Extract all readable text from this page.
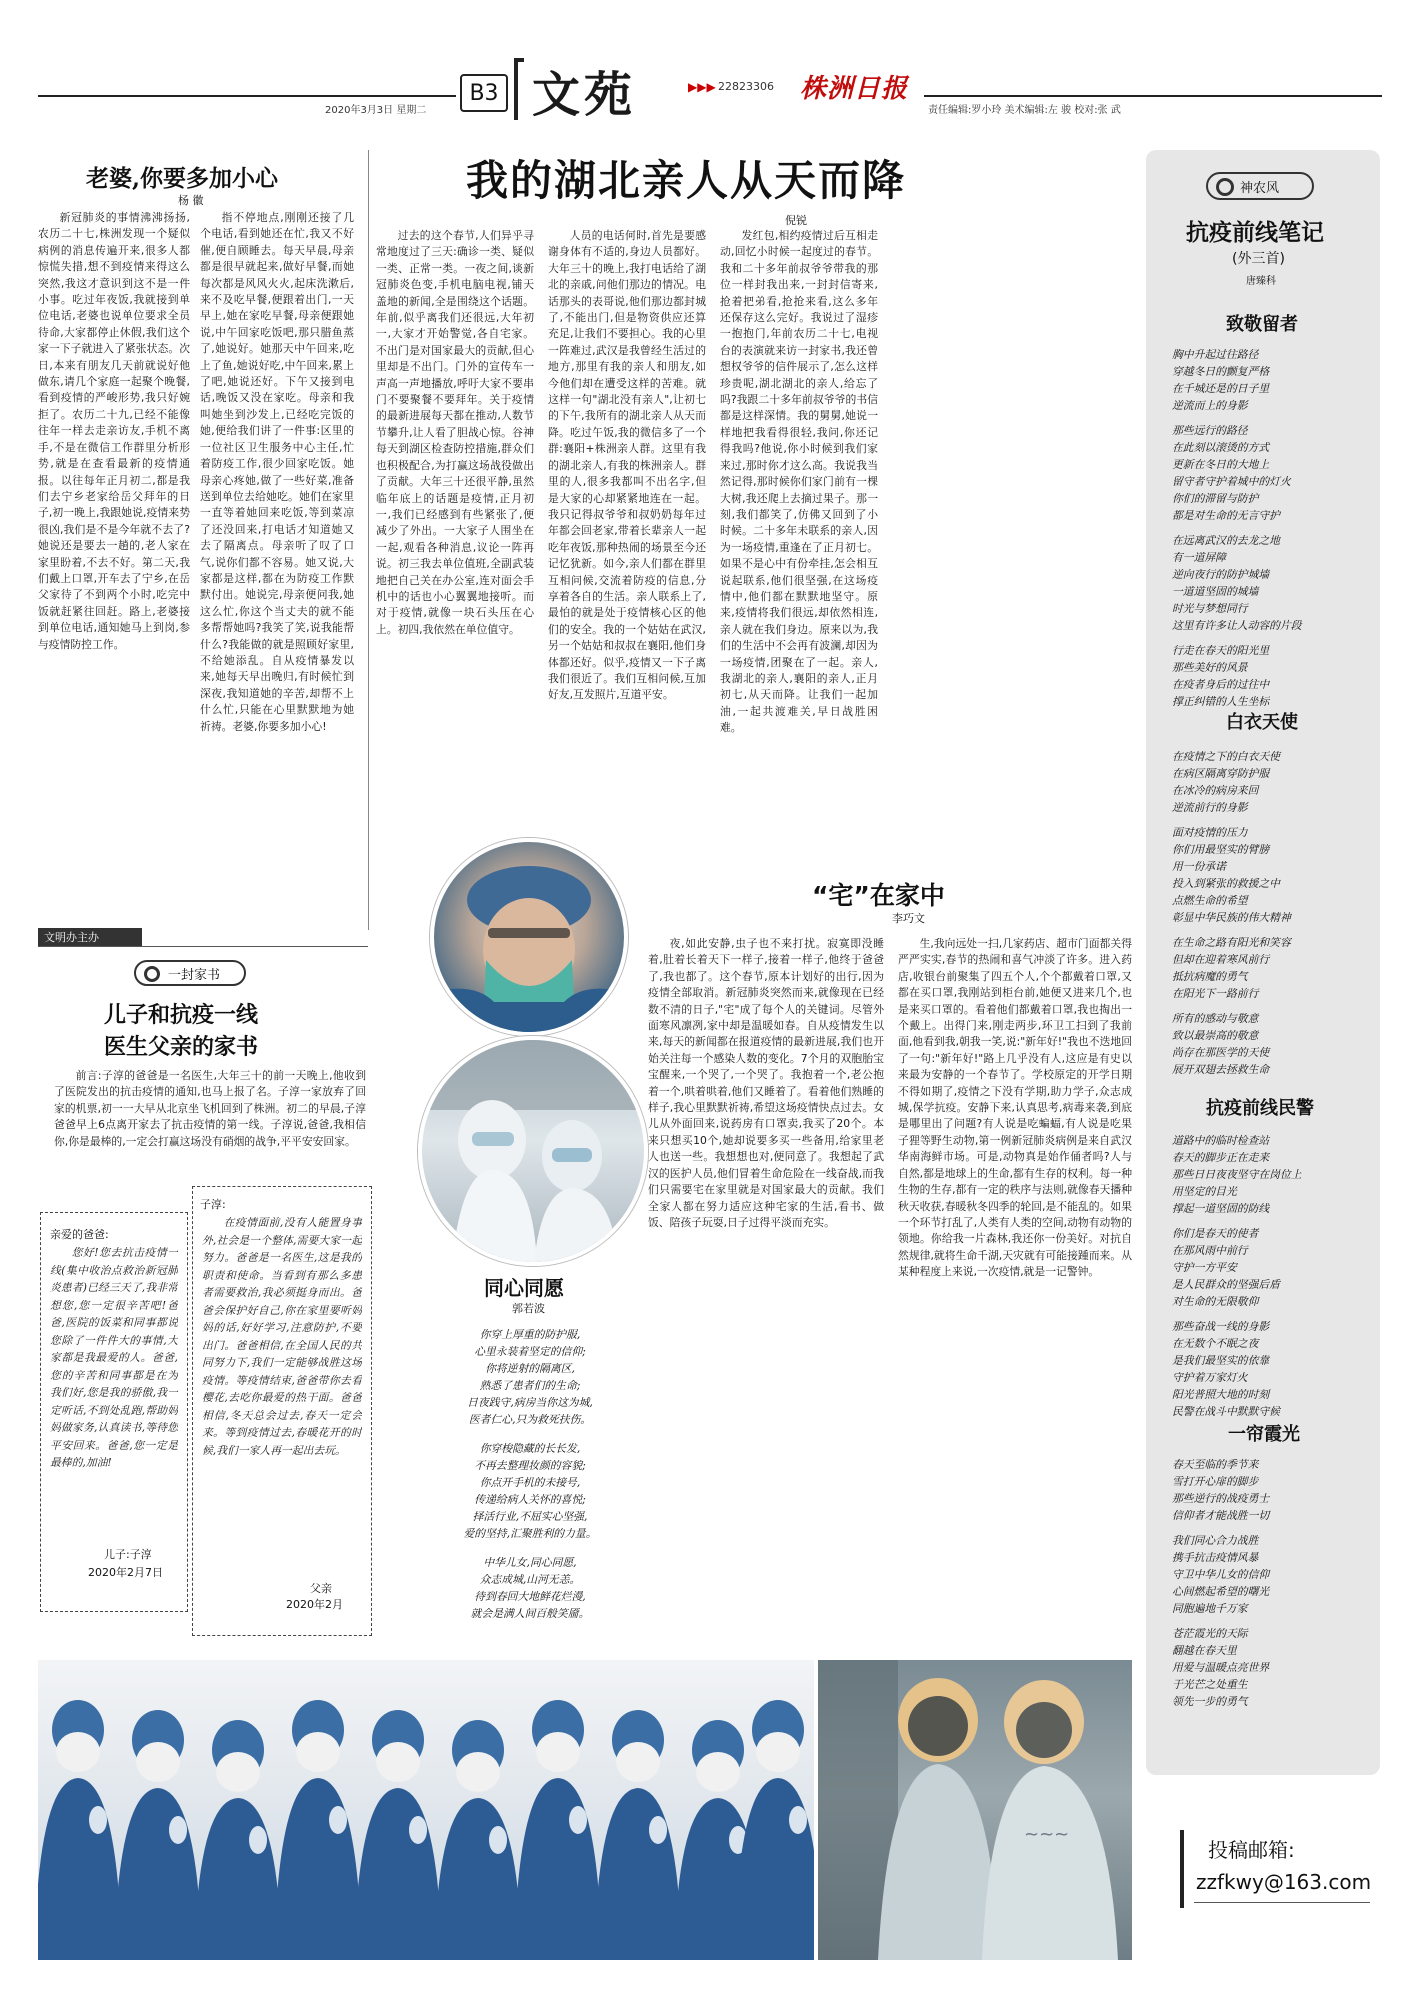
2020年3月3日 星期二
B3 文苑	▶▶▶ 22823306 株洲日报
责任编辑:罗小玲 美术编辑:左 骏 校对:张 武
老婆,你要多加小心
杨 徽

新冠肺炎的事情沸沸扬扬,农历二十七,株洲发现一个疑似病例的消息传遍开来,很多人都惊慌失措,想不到疫情来得这么突然,我这才意识到这不是一件小事。吃过年夜饭,我就接到单位电话,老婆也说单位要求全员待命,大家都停止休假,我们这个家一下子就进入了紧张状态。次日,本来有朋友几天前就说好他做东,请几个家庭一起聚个晚餐,看到疫情的严峻形势,我只好婉拒了。农历二十九,已经不能像往年一样去走亲访友,手机不离手,不是在微信工作群里分析形势,就是在查看最新的疫情通报。以往每年正月初二,都是我们去宁乡老家给岳父拜年的日子,初一晚上,我跟她说,疫情来势很凶,我们是不是今年就不去了?她说还是要去一趟的,老人家在家里盼着,不去不好。第二天,我们戴上口罩,开车去了宁乡,在岳父家待了不到两个小时,吃完中饭就赶紧往回赶。路上,老婆接到单位电话,通知她马上到岗,参与疫情防控工作。

指不停地点,刚刚还接了几个电话,看到她还在忙,我又不好催,便自顾睡去。每天早晨,母亲都是很早就起来,做好早餐,而她每次都是风风火火,起床洗漱后,来不及吃早餐,便跟着出门,一天早上,她在家吃早餐,母亲便跟她说,中午回家吃饭吧,那只腊鱼蒸了,她说好。她那天中午回来,吃上了鱼,她说好吃,中午回来,累上了吧,她说还好。下午又接到电话,晚饭又没在家吃。母亲和我叫她坐到沙发上,已经吃完饭的她,便给我们讲了一件事:区里的一位社区卫生服务中心主任,忙着防疫工作,很少回家吃饭。她母亲心疼她,做了一些好菜,准备送到单位去给她吃。她们在家里一直等着她回来吃饭,等到菜凉了还没回来,打电话才知道她又去了隔离点。母亲听了叹了口气,说你们都不容易。她又说,大家都是这样,都在为防疫工作默默付出。她说完,母亲便问我,她这么忙,你这个当丈夫的就不能多帮帮她吗?我笑了笑,说我能帮什么?我能做的就是照顾好家里,不给她添乱。自从疫情暴发以来,她每天早出晚归,有时候忙到深夜,我知道她的辛苦,却帮不上什么忙,只能在心里默默地为她祈祷。老婆,你要多加小心!

我的湖北亲人从天而降
倪锐

过去的这个春节,人们异乎寻常地度过了三天:确诊一类、疑似一类、正常一类。一夜之间,谈新冠肺炎色变,手机电脑电视,铺天盖地的新闻,全是围绕这个话题。年前,似乎离我们还很远,大年初一,大家才开始警觉,各自宅家。不出门是对国家最大的贡献,但心里却是不出门。门外的宣传车一声高一声地播放,呼吁大家不要串门不要聚餐不要拜年。关于疫情的最新进展每天都在推动,人数节节攀升,让人看了胆战心惊。谷神每天到湖区检查防控措施,群众们也积极配合,为打赢这场战役做出了贡献。大年三十还很平静,虽然临年底上的话题是疫情,正月初一,我们已经感到有些紧张了,便减少了外出。一大家子人围坐在一起,观看各种消息,议论一阵再说。初三我去单位值班,全副武装地把自己关在办公室,连对面会手机中的话也小心翼翼地接听。而对于疫情,就像一块石头压在心上。初四,我依然在单位值守。

人员的电话何时,首先是要感谢身体有不适的,身边人员都好。大年三十的晚上,我打电话给了湖北的亲戚,问他们那边的情况。电话那头的表哥说,他们那边都封城了,不能出门,但是物资供应还算充足,让我们不要担心。我的心里一阵难过,武汉是我曾经生活过的地方,那里有我的亲人和朋友,如今他们却在遭受这样的苦难。就这样一句"湖北没有亲人",让初七的下午,我所有的湖北亲人从天而降。吃过午饭,我的微信多了一个群:襄阳+株洲亲人群。这里有我的湖北亲人,有我的株洲亲人。群里的人,很多我都叫不出名字,但是大家的心却紧紧地连在一起。我只记得叔爷爷和叔奶奶每年过年都会回老家,带着长辈亲人一起吃年夜饭,那种热闹的场景至今还记忆犹新。如今,亲人们都在群里互相问候,交流着防疫的信息,分享着各自的生活。亲人联系上了,最怕的就是处于疫情核心区的他们的安全。我的一个姑姑在武汉,另一个姑姑和叔叔在襄阳,他们身体都还好。似乎,疫情又一下子离我们很近了。我们互相问候,互加好友,互发照片,互道平安。

发红包,相约疫情过后互相走动,回忆小时候一起度过的春节。我和二十多年前叔爷爷带我的那位一样封我出来,一封封信寄来,抢着把弟看,抢抢来看,这么多年还保存这么完好。我说过了湿疹一抱抱门,年前农历二十七,电视台的表演就来访一封家书,我还曾想权爷爷的信件展示了,怎么这样珍贵呢,湖北湖北的亲人,给忘了吗?我跟二十多年前叔爷爷的书信都是这样深情。我的舅舅,她说一样地把我看得很轻,我问,你还记得我吗?他说,你小时候到我们家来过,那时你才这么高。我说我当然记得,那时候你们家门前有一棵大树,我还爬上去摘过果子。那一刻,我们都笑了,仿佛又回到了小时候。二十多年未联系的亲人,因为一场疫情,重逢在了正月初七。如果不是心中有份牵挂,怎会相互说起联系,他们很坚强,在这场疫情中,他们都在默默地坚守。原来,疫情将我们很远,却依然相连,亲人就在我们身边。原来以为,我们的生活中不会再有波澜,却因为一场疫情,团聚在了一起。亲人,我湖北的亲人,襄阳的亲人,正月初七,从天而降。让我们一起加油,一起共渡难关,早日战胜困难。

神农风
抗疫前线笔记
(外三首)
唐臻科
致敬留者
胸中升起过往路径
穿越冬日的颤复严格
在千城还是的日子里
逆流而上的身影
那些远行的路径
在此刻以滚烫的方式
更新在冬日的大地上
留守者守护着城中的灯火
你们的滞留与防护
都是对生命的无言守护
在远离武汉的去龙之地
有一道屏障
逆向夜行的防护城墙
一道道坚固的城墙
时光与梦想同行
这里有许多让人动容的片段
行走在春天的阳光里
那些美好的风景
在疫者身后的过往中
撑正纠错的人生坐标
白衣天使
在疫情之下的白衣天使
在病区隔离穿防护服
在冰冷的病房来回
逆流前行的身影
面对疫情的压力
你们用最坚实的臂膀
用一份承诺
投入到紧张的救援之中
点燃生命的希望
彰显中华民族的伟大精神
在生命之路有阳光和笑容
但却在迎着寒风前行
抵抗病魔的勇气
在阳光下一路前行
所有的感动与敬意
致以最崇高的敬意
尚存在那医学的天使
展开双翅去拯救生命
抗疫前线民警
道路中的临时检查站
春天的脚步正在走来
那些日日夜夜坚守在岗位上
用坚定的目光
撑起一道坚固的防线
你们是春天的使者
在那风雨中前行
守护一方平安
是人民群众的坚强后盾
对生命的无限敬仰
那些奋战一线的身影
在无数个不眠之夜
是我们最坚实的依靠
守护着万家灯火
阳光普照大地的时刻
民警在战斗中默默守候
一帘霞光
春天至临的季节来
雪打开心扉的脚步
那些逆行的战疫勇士
信仰者才能战胜一切
我们同心合力战胜
携手抗击疫情风暴
守卫中华儿女的信仰
心间燃起希望的曙光
同胞遍地千万家
苍茫霞光的天际
翻越在春天里
用爱与温暖点亮世界
于光芒之处重生
领先一步的勇气
投稿邮箱:
zzfkwy@163.com
同心同愿
郭若波
你穿上厚重的防护服,
心里永装着坚定的信仰;
你将逆射的隔离区,
熟悉了患者们的生命;
日夜践守,病房当你这为城,
医者仁心,只为救死扶伤。
你穿梭隐藏的长长发,
不再去整理妆颜的容貌;
你点开手机的未接号,
传递给病人关怀的喜悦;
择活行业,不屈实心坚强,
爱的坚持,汇聚胜利的力量。
中华儿女,同心同愿,
众志成城,山河无恙。
待到春回大地鲜花烂漫,
就会是满人间百般笑靥。
“宅”在家中
李巧文

夜,如此安静,虫子也不来打扰。寂寞即没睡着,肚着长着天下一样子,接着一样子,他终于爸爸了,我也都了。这个春节,原本计划好的出行,因为疫情全部取消。新冠肺炎突然而来,就像现在已经数不清的日子,"宅"成了每个人的关键词。尽管外面寒风凛冽,家中却是温暖如春。自从疫情发生以来,每天的新闻都在报道疫情的最新进展,我们也开始关注每一个感染人数的变化。7个月的双胞胎宝宝醒来,一个哭了,一个哭了。我抱着一个,老公抱着一个,哄着哄着,他们又睡着了。看着他们熟睡的样子,我心里默默祈祷,希望这场疫情快点过去。女儿从外面回来,说药房有口罩卖,我买了20个。本来只想买10个,她却说要多买一些备用,给家里老人也送一些。我想想也对,便同意了。我想起了武汉的医护人员,他们冒着生命危险在一线奋战,而我们只需要宅在家里就是对国家最大的贡献。我们全家人都在努力适应这种宅家的生活,看书、做饭、陪孩子玩耍,日子过得平淡而充实。

生,我向远处一扫,几家药店、超市门面都关得严严实实,春节的热闹和喜气冲淡了许多。进入药店,收银台前聚集了四五个人,个个都戴着口罩,又都在买口罩,我刚站到柜台前,她便又进来几个,也是来买口罩的。看着他们都戴着口罩,我也掏出一个戴上。出得门来,刚走两步,环卫工扫到了我前面,他看到我,朝我一笑,说:"新年好!"我也不迭地回了一句:"新年好!"路上几乎没有人,这应是有史以来最为安静的一个春节了。学校原定的开学日期不得如期了,疫情之下没有学期,助力学子,众志成城,保学抗疫。安静下来,认真思考,病毒来袭,到底是哪里出了问题?有人说是吃蝙蝠,有人说是吃果子狸等野生动物,第一例新冠肺炎病例是来自武汉华南海鲜市场。可是,动物真是始作俑者吗?人与自然,都是地球上的生命,都有生存的权利。每一种生物的生存,都有一定的秩序与法则,就像春天播种秋天收获,春暖秋冬四季的轮回,是不能乱的。如果一个环节打乱了,人类有人类的空间,动物有动物的领地。你给我一片森林,我还你一份美好。对抗自然规律,就将生命千湖,天灾就有可能接踵而来。从某种程度上来说,一次疫情,就是一记警钟。

文明办主办
一封家书
儿子和抗疫一线
医生父亲的家书

前言:子淳的爸爸是一名医生,大年三十的前一天晚上,他收到了医院发出的抗击疫情的通知,也马上报了名。子淳一家放弃了回家的机票,初一一大早从北京坐飞机回到了株洲。初二的早晨,子淳爸爸早上6点离开家去了抗击疫情的第一线。子淳说,爸爸,我相信你,你是最棒的,一定会打赢这场没有硝烟的战争,平平安安回家。

亲爱的爸爸:

您好!您去抗击疫情一线(集中收治点救治新冠肺炎患者)已经三天了,我非常想您,您一定很辛苦吧!爸爸,医院的饭菜和同事都说您除了一件件大的事情,大家都是我最爱的人。爸爸,您的辛苦和同事都是在为我们好,您是我的骄傲,我一定听话,不到处乱跑,帮助妈妈做家务,认真读书,等待您平安回来。爸爸,您一定是最棒的,加油!

儿子:子淳
2020年2月7日
子淳:

在疫情面前,没有人能置身事外,社会是一个整体,需要大家一起努力。爸爸是一名医生,这是我的职责和使命。当看到有那么多患者需要救治,我必须挺身而出。爸爸会保护好自己,你在家里要听妈妈的话,好好学习,注意防护,不要出门。爸爸相信,在全国人民的共同努力下,我们一定能够战胜这场疫情。等疫情结束,爸爸带你去看樱花,去吃你最爱的热干面。爸爸相信,冬天总会过去,春天一定会来。等到疫情过去,春暖花开的时候,我们一家人再一起出去玩。

父亲
2020年2月
~~~
